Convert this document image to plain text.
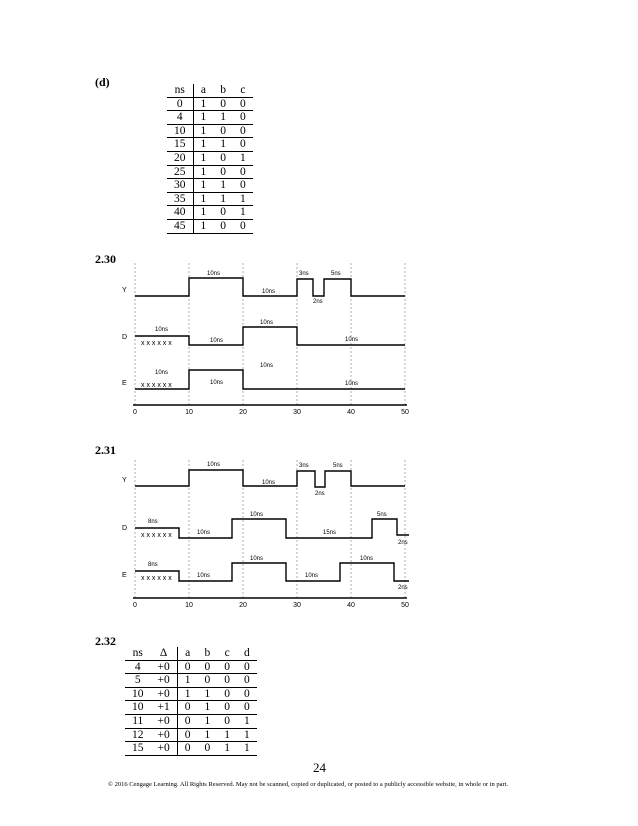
(d)
ns	a	b	c
0	1	0	0
4	1	1	0
10	1	0	0
15	1	1	0
20	1	0	1
25	1	0	0
30	1	1	0
35	1	1	1
40	1	0	1
45	1	0	0
2.30
Y
D
E
10ns
10ns
3ns
2ns
5ns
10ns
x x x x x x	10ns
10ns
10ns
10ns
x x x x x x	10ns
10ns
10ns
0	10	20	30	40	50
2.31
Y
D
E
10ns
10ns
3ns
2ns
5ns
8ns
x x x x x x	10ns
10ns
15ns
5ns
2ns
8ns
x x x x x x	10ns
10ns
10ns
10ns
2ns
0	10	20	30	40	50
2.32
ns	Δ	a	b	c	d
4	+0	0	0	0	0
5	+0	1	0	0	0
10	+0	1	1	0	0
10	+1	0	1	0	0
11	+0	0	1	0	1
12	+0	0	1	1	1
15	+0	0	0	1	1
24
© 2016 Cengage Learning. All Rights Reserved. May not be scanned, copied or duplicated, or posted to a publicly accessible website, in whole or in part.
